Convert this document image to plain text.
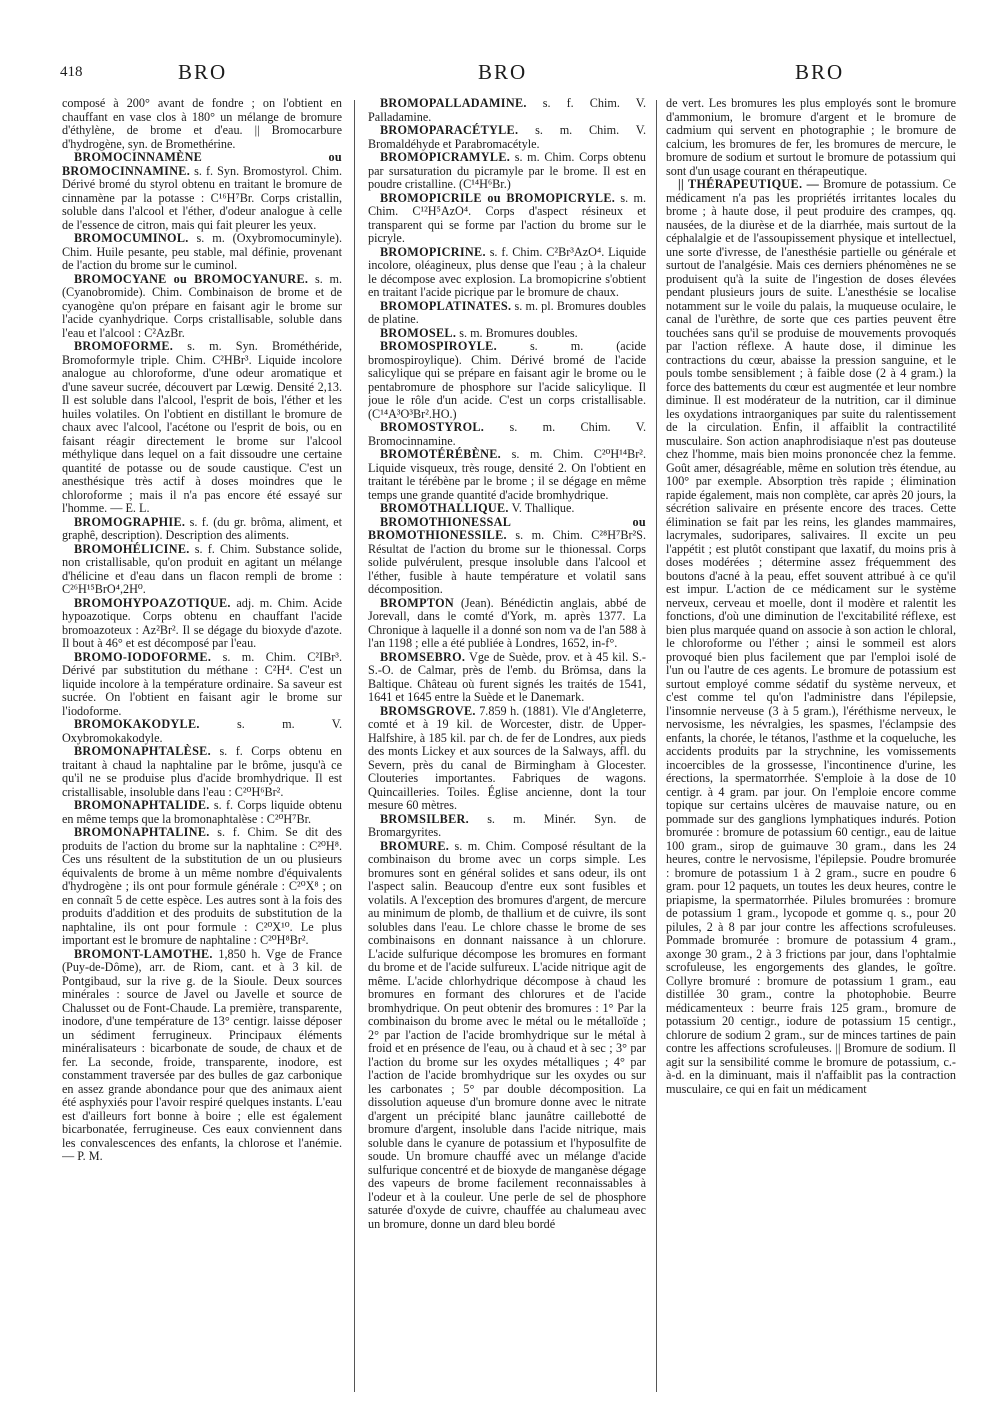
418	BRO	BRO	BRO

composé à 200° avant de fondre ; on l'obtient en chauffant en vase clos à 180° un mélange de bromure d'éthylène, de brome et d'eau. || Bromocarbure d'hydrogène, syn. de Bromethérine.

BROMOCINNAMÈNE ou BROMOCINNAMINE. s. f. Syn. Bromostyrol. Chim. Dérivé bromé du styrol obtenu en traitant le bromure de cinnamène par la potasse : C¹⁶H⁷Br. Corps cristallin, soluble dans l'alcool et l'éther, d'odeur analogue à celle de l'essence de citron, mais qui fait pleurer les yeux.

BROMOCUMINOL. s. m. (Oxybromocuminyle). Chim. Huile pesante, peu stable, mal définie, provenant de l'action du brome sur le cuminol.

BROMOCYANE ou BROMOCYANURE. s. m. (Cyanobromide). Chim. Combinaison de brome et de cyanogène qu'on prépare en faisant agir le brome sur l'acide cyanhydrique. Corps cristallisable, soluble dans l'eau et l'alcool : C²AzBr.

BROMOFORME. s. m. Syn. Brométhéride, Bromoformyle triple. Chim. C²HBr³. Liquide incolore analogue au chloroforme, d'une odeur aromatique et d'une saveur sucrée, découvert par Lœwig. Densité 2,13. Il est soluble dans l'alcool, l'esprit de bois, l'éther et les huiles volatiles. On l'obtient en distillant le bromure de chaux avec l'alcool, l'acétone ou l'esprit de bois, ou en faisant réagir directement le brome sur l'alcool méthylique dans lequel on a fait dissoudre une certaine quantité de potasse ou de soude caustique. C'est un anesthésique très actif à doses moindres que le chloroforme ; mais il n'a pas encore été essayé sur l'homme. — E. L.

BROMOGRAPHIE. s. f. (du gr. brôma, aliment, et graphê, description). Description des aliments.

BROMOHÉLICINE. s. f. Chim. Substance solide, non cristallisable, qu'on produit en agitant un mélange d'hélicine et d'eau dans un flacon rempli de brome : C²⁶H¹⁵BrO⁴,2H⁰.

BROMOHYPOAZOTIQUE. adj. m. Chim. Acide hypoazotique. Corps obtenu en chauffant l'acide bromoazoteux : Az²Br². Il se dégage du bioxyde d'azote. Il bout à 46° et est décomposé par l'eau.

BROMO-IODOFORME. s. m. Chim. C²IBr³. Dérivé par substitution du méthane : C²H⁴. C'est un liquide incolore à la température ordinaire. Sa saveur est sucrée. On l'obtient en faisant agir le brome sur l'iodoforme.

BROMOKAKODYLE.	s. m. V. Oxybromokakodyle.

BROMONAPHTALÈSE. s. f. Corps obtenu en traitant à chaud la naphtaline par le brôme, jusqu'à ce qu'il ne se produise plus d'acide bromhydrique. Il est cristallisable, insoluble dans l'eau : C²⁰H⁶Br².

BROMONAPHTALIDE. s. f. Corps liquide obtenu en même temps que la bromonaphtalèse : C²⁰H⁷Br.

BROMONAPHTALINE. s. f. Chim. Se dit des produits de l'action du brome sur la naphtaline : C²⁰H⁸. Ces uns résultent de la substitution de un ou plusieurs équivalents de brome à un même nombre d'équivalents d'hydrogène ; ils ont pour formule générale : C²⁰X⁸ ; on en connaît 5 de cette espèce. Les autres sont à la fois des produits d'addition et des produits de substitution de la naphtaline, ils ont pour formule : C²⁰X¹⁰. Le plus important est le bromure de naphtaline : C²⁰H⁸Br².

BROMONT-LAMOTHE. 1,850 h. Vge de France (Puy-de-Dôme), arr. de Riom, cant. et à 3 kil. de Pontgibaud, sur la rive g. de la Sioule. Deux sources minérales : source de Javel ou Javelle et source de Chalusset ou de Font-Chaude. La première, transparente, inodore, d'une température de 13° centigr. laisse déposer un sédiment ferrugineux. Principaux éléments minéralisateurs : bicarbonate de soude, de chaux et de fer. La seconde, froide, transparente, inodore, est constamment traversée par des bulles de gaz carbonique en assez grande abondance pour que des animaux aient été asphyxiés pour l'avoir respiré quelques instants. L'eau est d'ailleurs fort bonne à boire ; elle est également bicarbonatée, ferrugineuse. Ces eaux conviennent dans les convalescences des enfants, la chlorose et l'anémie. — P. M.

BROMOPALLADAMINE. s. f. Chim. V. Palladamine.

BROMOPARACÉTYLE. s. m. Chim. V. Bromaldéhyde et Parabromacétyle.

BROMOPICRAMYLE. s. m. Chim. Corps obtenu par sursaturation du picramyle par le brome. Il est en poudre cristalline. (C¹⁴H⁶Br.)

BROMOPICRILE ou BROMOPICRYLE. s. m. Chim. C¹²H⁵AzO⁴. Corps d'aspect résineux et transparent qui se forme par l'action du brome sur le picryle.

BROMOPICRINE. s. f. Chim. C²Br³AzO⁴. Liquide incolore, oléagineux, plus dense que l'eau ; à la chaleur le décompose avec explosion. La bromopicrine s'obtient en traitant l'acide picrique par le bromure de chaux.

BROMOPLATINATES. s. m. pl. Bromures doubles de platine.

BROMOSEL. s. m. Bromures doubles.

BROMOSPIROYLE.	s. m. (acide bromospiroylique). Chim. Dérivé bromé de l'acide salicylique qui se prépare en faisant agir le brome ou le pentabromure de phosphore sur l'acide salicylique. Il joue le rôle d'un acide. C'est un corps cristallisable. (C¹⁴A³O³Br².HO.)

BROMOSTYROL. s. m. Chim. V. Bromocinnamine.

BROMOTÉRÉBÈNE. s. m. Chim. C²⁰H¹⁴Br². Liquide visqueux, très rouge, densité 2. On l'obtient en traitant le térébène par le brome ; il se dégage en même temps une grande quantité d'acide bromhydrique.

BROMOTHALLIQUE. V. Thallique.

BROMOTHIONESSAL ou BROMOTHIONESSILE. s. m. Chim. C²⁸H⁷Br²S. Résultat de l'action du brome sur le thionessal. Corps solide pulvérulent, presque insoluble dans l'alcool et l'éther, fusible à haute température et volatil sans décomposition.

BROMPTON (Jean). Bénédictin anglais, abbé de Jorevall, dans le comté d'York, m. après 1377. La Chronique à laquelle il a donné son nom va de l'an 588 à l'an 1198 ; elle a été publiée à Londres, 1652, in-f°.

BROMSEBRO. Vge de Suède, prov. et à 45 kil. S.-S.-O. de Calmar, près de l'emb. du Brömsa, dans la Baltique. Château où furent signés les traités de 1541, 1641 et 1645 entre la Suède et le Danemark.

BROMSGROVE. 7.859 h. (1881). Vle d'Angleterre, comté et à 19 kil. de Worcester, distr. de Upper-Halfshire, à 185 kil. par ch. de fer de Londres, aux pieds des monts Lickey et aux sources de la Salways, affl. du Severn, près du canal de Birmingham à Glocester. Clouteries importantes. Fabriques de wagons. Quincailleries. Toiles. Église ancienne, dont la tour mesure 60 mètres.

BROMSILBER. s. m. Minér. Syn. de Bromargyrites.

BROMURE. s. m. Chim. Composé résultant de la combinaison du brome avec un corps simple. Les bromures sont en général solides et sans odeur, ils ont l'aspect salin. Beaucoup d'entre eux sont fusibles et volatils. A l'exception des bromures d'argent, de mercure au minimum de plomb, de thallium et de cuivre, ils sont solubles dans l'eau. Le chlore chasse le brome de ses combinaisons en donnant naissance à un chlorure. L'acide sulfurique décompose les bromures en formant du brome et de l'acide sulfureux. L'acide nitrique agit de même. L'acide chlorhydrique décompose à chaud les bromures en formant des chlorures et de l'acide bromhydrique. On peut obtenir des bromures : 1° Par la combinaison du brome avec le métal ou le métalloïde ; 2° par l'action de l'acide bromhydrique sur le métal à froid et en présence de l'eau, ou à chaud et à sec ; 3° par l'action du brome sur les oxydes métalliques ; 4° par l'action de l'acide bromhydrique sur les oxydes ou sur les carbonates ; 5° par double décomposition. La dissolution aqueuse d'un bromure donne avec le nitrate d'argent un précipité blanc jaunâtre caillebotté de bromure d'argent, insoluble dans l'acide nitrique, mais soluble dans le cyanure de potassium et l'hyposulfite de soude. Un bromure chauffé avec un mélange d'acide sulfurique concentré et de bioxyde de manganèse dégage des vapeurs de brome facilement reconnaissables à l'odeur et à la couleur. Une perle de sel de phosphore saturée d'oxyde de cuivre, chauffée au chalumeau avec un bromure, donne un dard bleu bordé

de vert. Les bromures les plus employés sont le bromure d'ammonium, le bromure d'argent et le bromure de cadmium qui servent en photographie ; le bromure de calcium, les bromures de fer, les bromures de mercure, le bromure de sodium et surtout le bromure de potassium qui sont d'un usage courant en thérapeutique.

|| THÉRAPEUTIQUE. — Bromure de potassium. Ce médicament n'a pas les propriétés irritantes locales du brome ; à haute dose, il peut produire des crampes, qq. nausées, de la diurèse et de la diarrhée, mais surtout de la céphalalgie et de l'assoupissement physique et intellectuel, une sorte d'ivresse, de l'anesthésie partielle ou générale et surtout de l'analgésie. Mais ces derniers phénomènes ne se produisent qu'à la suite de l'ingestion de doses élevées pendant plusieurs jours de suite. L'anesthésie se localise notamment sur le voile du palais, la muqueuse oculaire, le canal de l'urèthre, de sorte que ces parties peuvent être touchées sans qu'il se produise de mouvements provoqués par l'action réflexe. A haute dose, il diminue les contractions du cœur, abaisse la pression sanguine, et le pouls tombe sensiblement ; à faible dose (2 à 4 gram.) la force des battements du cœur est augmentée et leur nombre diminue. Il est modérateur de la nutrition, car il diminue les oxydations intraorganiques par suite du ralentissement de la circulation. Enfin, il affaiblit la contractilité musculaire. Son action anaphrodisiaque n'est pas douteuse chez l'homme, mais bien moins prononcée chez la femme. Goût amer, désagréable, même en solution très étendue, au 100° par exemple. Absorption très rapide ; élimination rapide également, mais non complète, car après 20 jours, la sécrétion salivaire en présente encore des traces. Cette élimination se fait par les reins, les glandes mammaires, lacrymales, sudoripares, salivaires. Il excite un peu l'appétit ; est plutôt constipant que laxatif, du moins pris à doses modérées ; détermine assez fréquemment des boutons d'acné à la peau, effet souvent attribué à ce qu'il est impur. L'action de ce médicament sur le système nerveux, cerveau et moelle, dont il modère et ralentit les fonctions, d'où une diminution de l'excitabilité réflexe, est bien plus marquée quand on associe à son action le chloral, le chloroforme ou l'éther ; ainsi le sommeil est alors provoqué bien plus facilement que par l'emploi isolé de l'un ou l'autre de ces agents. Le bromure de potassium est surtout employé comme sédatif du système nerveux, et c'est comme tel qu'on l'administre dans l'épilepsie, l'insomnie nerveuse (3 à 5 gram.), l'éréthisme nerveux, le nervosisme, les névralgies, les spasmes, l'éclampsie des enfants, la chorée, le tétanos, l'asthme et la coqueluche, les accidents produits par la strychnine, les vomissements incoercibles de la grossesse, l'incontinence d'urine, les érections, la spermatorrhée. S'emploie à la dose de 10 centigr. à 4 gram. par jour. On l'emploie encore comme topique sur certains ulcères de mauvaise nature, ou en pommade sur des ganglions lymphatiques indurés. Potion bromurée : bromure de potassium 60 centigr., eau de laitue 100 gram., sirop de guimauve 30 gram., dans les 24 heures, contre le nervosisme, l'épilepsie. Poudre bromurée : bromure de potassium 1 à 2 gram., sucre en poudre 6 gram. pour 12 paquets, un toutes les deux heures, contre le priapisme, la spermatorrhée. Pilules bromurées : bromure de potassium 1 gram., lycopode et gomme q. s., pour 20 pilules, 2 à 8 par jour contre les affections scrofuleuses. Pommade bromurée : bromure de potassium 4 gram., axonge 30 gram., 2 à 3 frictions par jour, dans l'ophtalmie scrofuleuse, les engorgements des glandes, le goître. Collyre bromuré : bromure de potassium 1 gram., eau distillée 30 gram., contre la photophobie. Beurre médicamenteux : beurre frais 125 gram., bromure de potassium 20 centigr., iodure de potassium 15 centigr., chlorure de sodium 2 gram., sur de minces tartines de pain contre les affections scrofuleuses. || Bromure de sodium. Il agit sur la sensibilité comme le bromure de potassium, c.-à-d. en la diminuant, mais il n'affaiblit pas la contraction musculaire, ce qui en fait un médicament
